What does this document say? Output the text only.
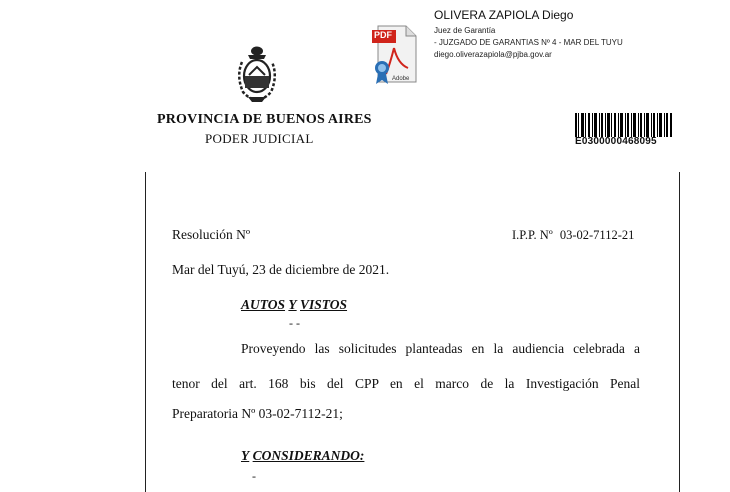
PDF
Adobe
OLIVERA ZAPIOLA Diego
Juez de Garantía
- JUZGADO DE GARANTIAS Nº 4 - MAR DEL TUYU
diego.oliverazapiola@pjba.gov.ar
PROVINCIA DE BUENOS AIRES
PODER JUDICIAL	E0300000468095
Resolución Nº	I.P.P. Nº 03-02-7112-21
Mar del Tuyú, 23 de diciembre de 2021.
AUTOS Y VISTOS
- -
Proveyendo las solicitudes planteadas en la audiencia celebrada a
tenor del art. 168 bis del CPP en el marco de la Investigación Penal
Preparatoria Nº 03-02-7112-21;
Y CONSIDERANDO:
-
